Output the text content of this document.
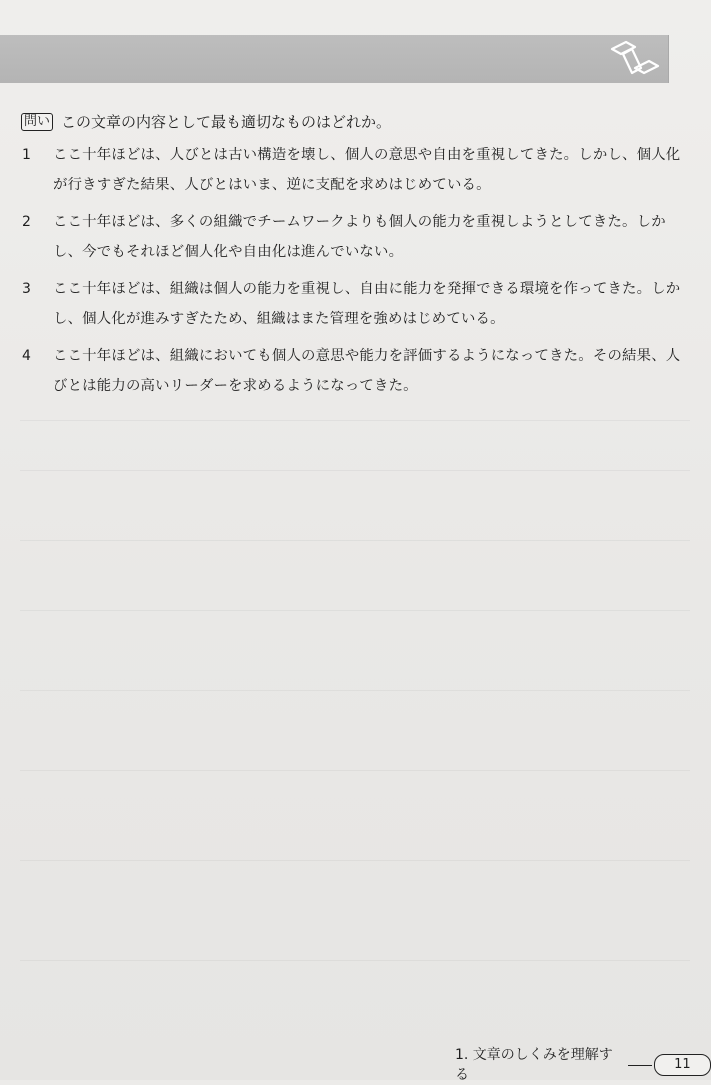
問い この文章の内容として最も適切なものはどれか。
1	ここ十年ほどは、人びとは古い構造を壊し、個人の意思や自由を重視してきた。しかし、個人化が行きすぎた結果、人びとはいま、逆に支配を求めはじめている。
2	ここ十年ほどは、多くの組織でチームワークよりも個人の能力を重視しようとしてきた。しかし、今でもそれほど個人化や自由化は進んでいない。
3	ここ十年ほどは、組織は個人の能力を重視し、自由に能力を発揮できる環境を作ってきた。しかし、個人化が進みすぎたため、組織はまた管理を強めはじめている。
4	ここ十年ほどは、組織においても個人の意思や能力を評価するようになってきた。その結果、人びとは能力の高いリーダーを求めるようになってきた。
1. 文章のしくみを理解する
11
